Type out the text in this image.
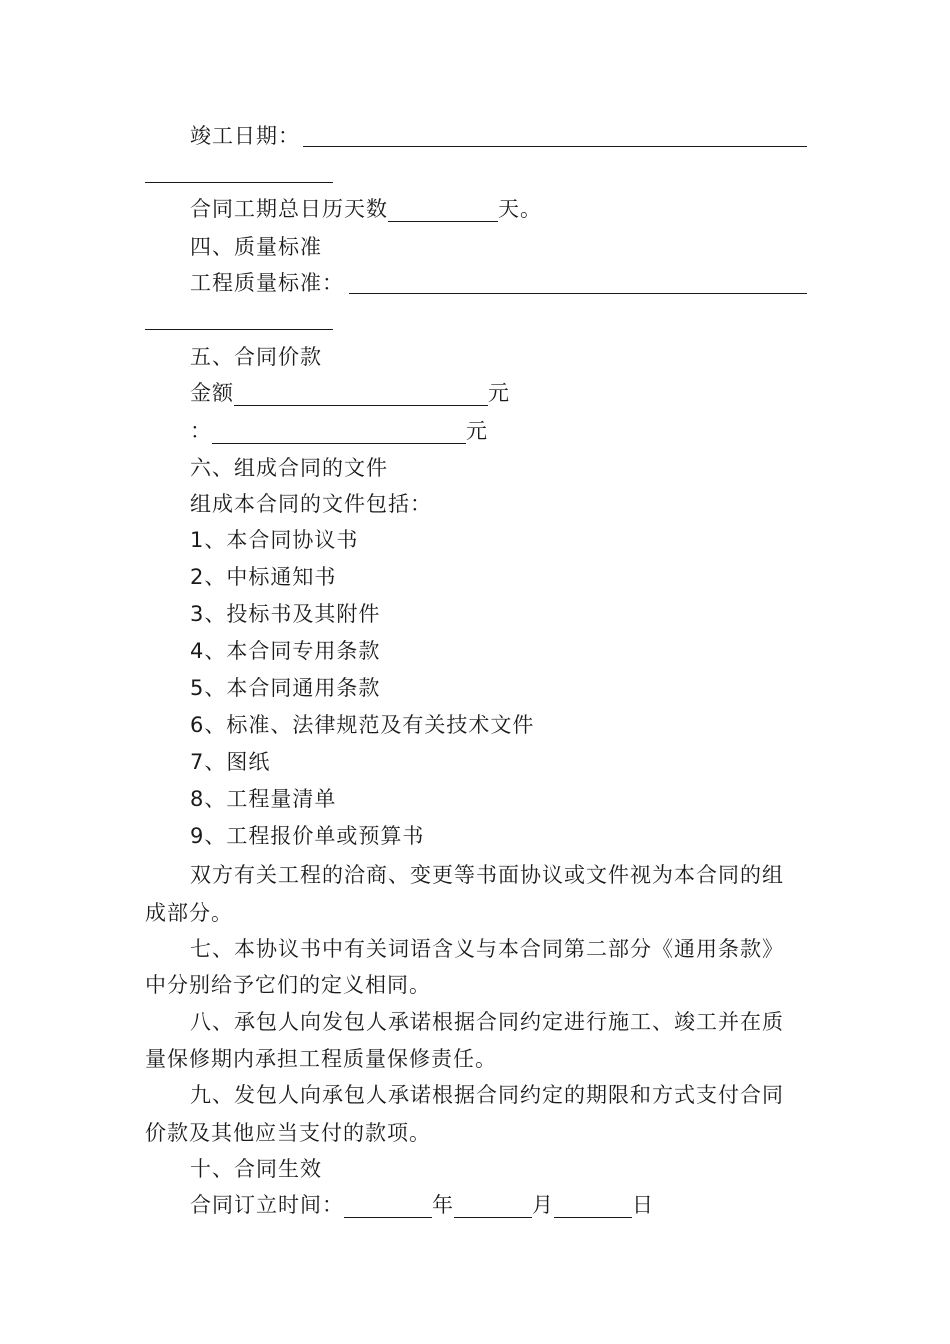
竣工日期：
合同工期总日历天数	天。
四、质量标准
工程质量标准：
五、合同价款
金额	元
：	元
六、组成合同的文件
组成本合同的文件包括：
1、本合同协议书
2、中标通知书
3、投标书及其附件
4、本合同专用条款
5、本合同通用条款
6、标准、法律规范及有关技术文件
7、图纸
8、工程量清单
9、工程报价单或预算书
双方有关工程的洽商、变更等书面协议或文件视为本合同的组
成部分。
七、本协议书中有关词语含义与本合同第二部分《通用条款》
中分别给予它们的定义相同。
八、承包人向发包人承诺根据合同约定进行施工、竣工并在质
量保修期内承担工程质量保修责任。
九、发包人向承包人承诺根据合同约定的期限和方式支付合同
价款及其他应当支付的款项。
十、合同生效
合同订立时间：	年	月	日
